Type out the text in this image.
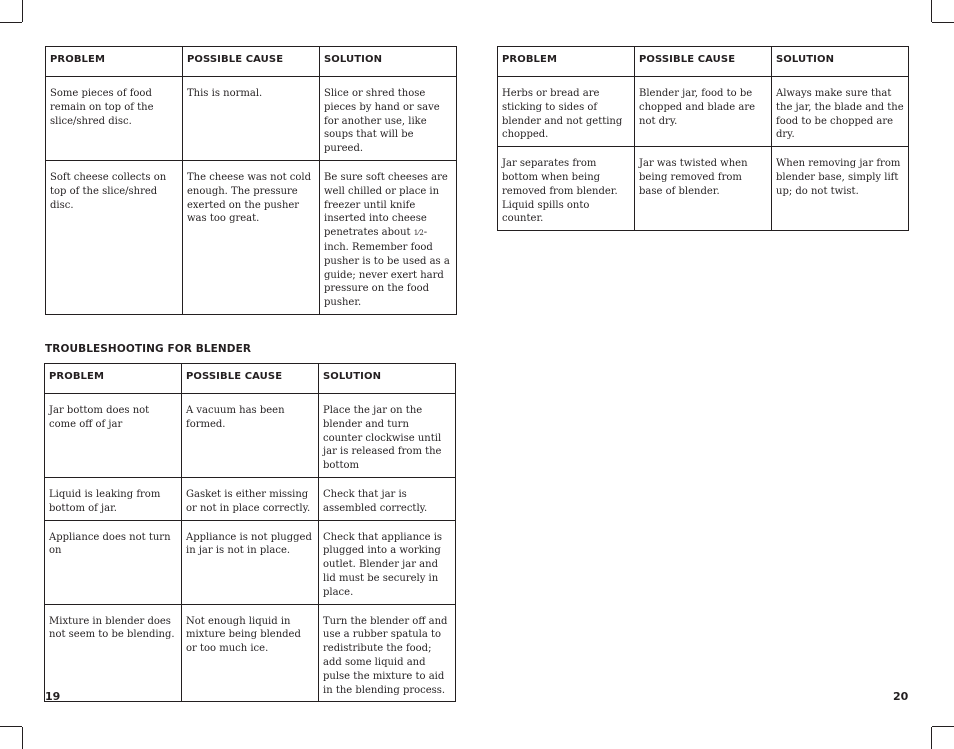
PROBLEM	POSSIBLE CAUSE	SOLUTION
Some pieces of food remain on top of the slice/shred disc.	This is normal.	Slice or shred those pieces by hand or save for another use, like soups that will be pureed.
Soft cheese collects on top of the slice/shred disc.	The cheese was not cold enough. The pressure exerted on the pusher was too great.	Be sure soft cheeses are well chilled or place in freezer until knife inserted into cheese penetrates about 1⁄2-inch. Remember food pusher is to be used as a guide; never exert hard pressure on the food pusher.
TROUBLESHOOTING FOR BLENDER
PROBLEM	POSSIBLE CAUSE	SOLUTION
Jar bottom does not come off of jar	A vacuum has been formed.	Place the jar on the blender and turn counter clockwise until jar is released from the bottom
Liquid is leaking from bottom of jar.	Gasket is either missing or not in place correctly.	Check that jar is assembled correctly.
Appliance does not turn on	Appliance is not plugged in jar is not in place.	Check that appliance is plugged into a working outlet. Blender jar and lid must be securely in place.
Mixture in blender does not seem to be blending.	Not enough liquid in mixture being blended or too much ice.	Turn the blender off and use a rubber spatula to redistribute the food; add some liquid and pulse the mixture to aid in the blending process.
PROBLEM	POSSIBLE CAUSE	SOLUTION
Herbs or bread are sticking to sides of blender and not getting chopped.	Blender jar, food to be chopped and blade are not dry.	Always make sure that the jar, the blade and the food to be chopped are dry.
Jar separates from bottom when being removed from blender. Liquid spills onto counter.	Jar was twisted when being removed from base of blender.	When removing jar from blender base, simply lift up; do not twist.
19	20
